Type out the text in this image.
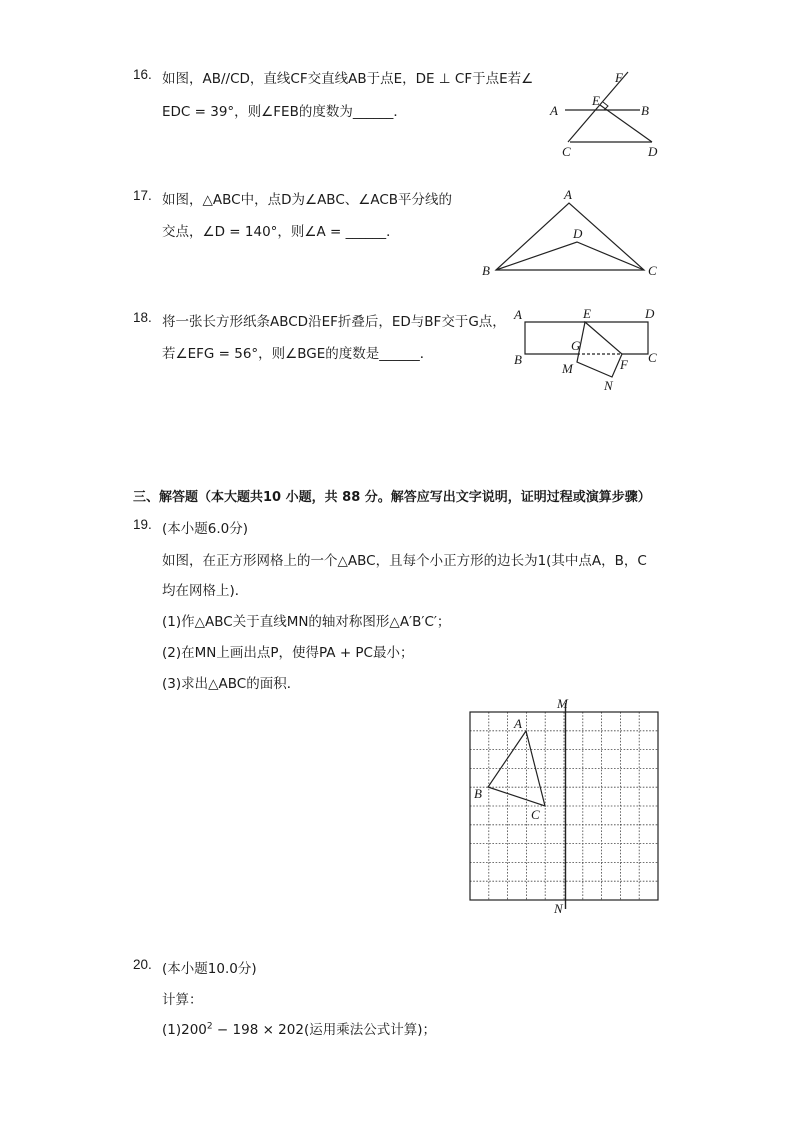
16. 如图，AB//CD，直线CF交直线AB于点E，DE ⊥ CF于点E若∠
EDC = 39°，则∠FEB的度数为______．
F
E
A	B
C	D
17. 如图，△ABC中，点D为∠ABC、∠ACB平分线的
交点，∠D = 140°，则∠A = ______．
A
D
B	C
18. 将一张长方形纸条ABCD沿EF折叠后，ED与BF交于G点，
若∠EFG = 56°，则∠BGE的度数是______．
A	E	D
G
B	C
M	F
N
三、解答题（本大题共10 小题，共 88 分。解答应写出文字说明，证明过程或演算步骤）
19. (本小题6.0分)
如图，在正方形网格上的一个△ABC，且每个小正方形的边长为1(其中点A，B，C
均在网格上)．
(1)作△ABC关于直线MN的轴对称图形△A′B′C′；
(2)在MN上画出点P，使得PA + PC最小；
(3)求出△ABC的面积．
M
N
A
B
C
20. (本小题10.0分)
计算：
$(1)200^2 - 198 \times 202$(运用乘法公式计算)；
